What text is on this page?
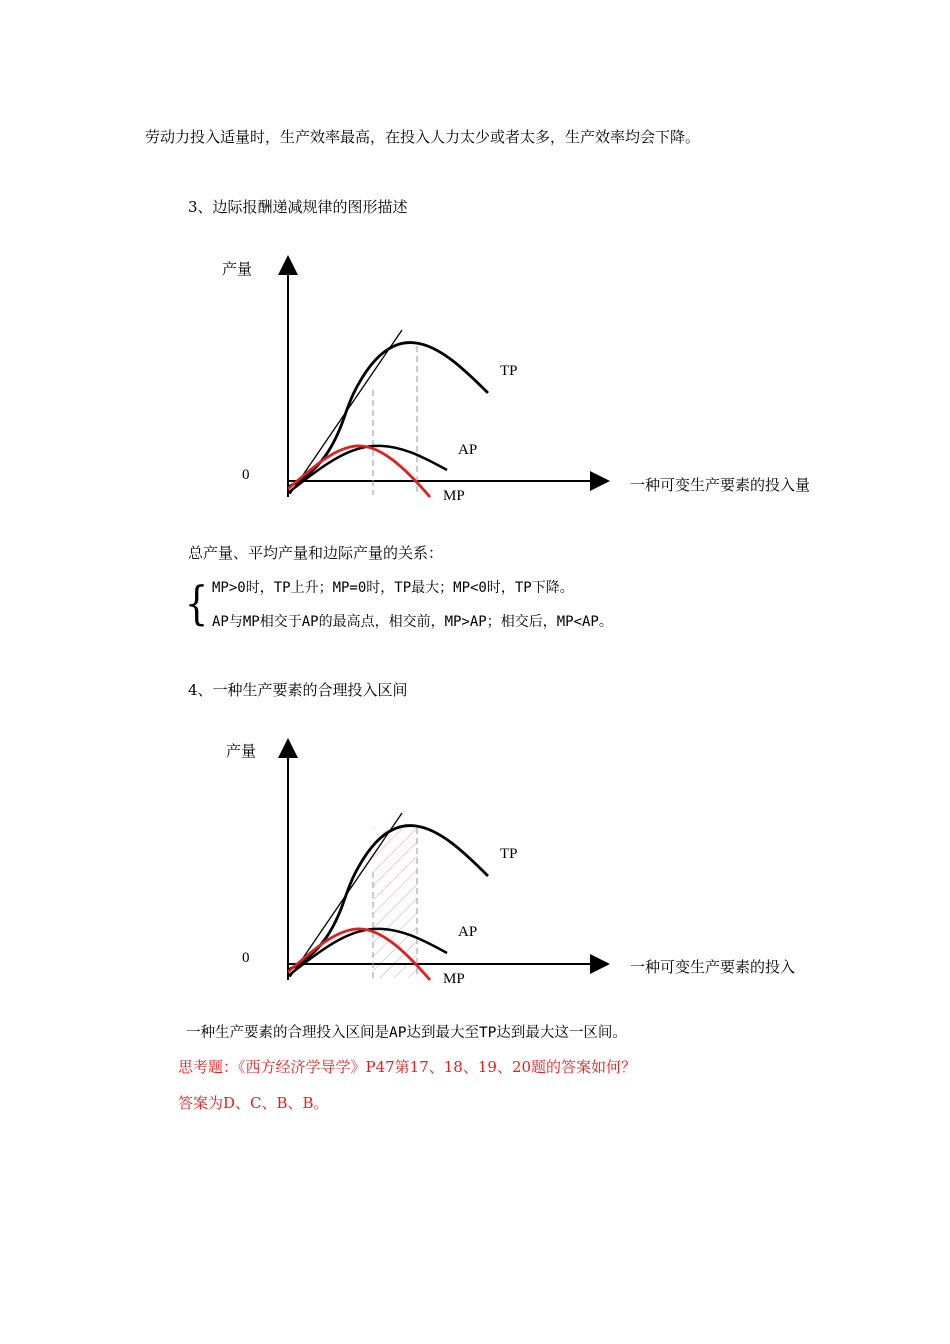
劳动力投入适量时，生产效率最高，在投入人力太少或者太多，生产效率均会下降。
3、边际报酬递减规律的图形描述
产量
0
一种可变生产要素的投入量
TP
AP
MP
总产量、平均产量和边际产量的关系：
{ MP>0时，TP上升；MP=0时，TP最大；MP<0时，TP下降。
AP与MP相交于AP的最高点，相交前，MP>AP；相交后，MP<AP。
4、一种生产要素的合理投入区间
产量
0	一种可变生产要素的投入
TP
AP
MP
一种生产要素的合理投入区间是AP达到最大至TP达到最大这一区间。
思考题：《西方经济学导学》P47第17、18、19、20题的答案如何？
答案为D、C、B、B。
